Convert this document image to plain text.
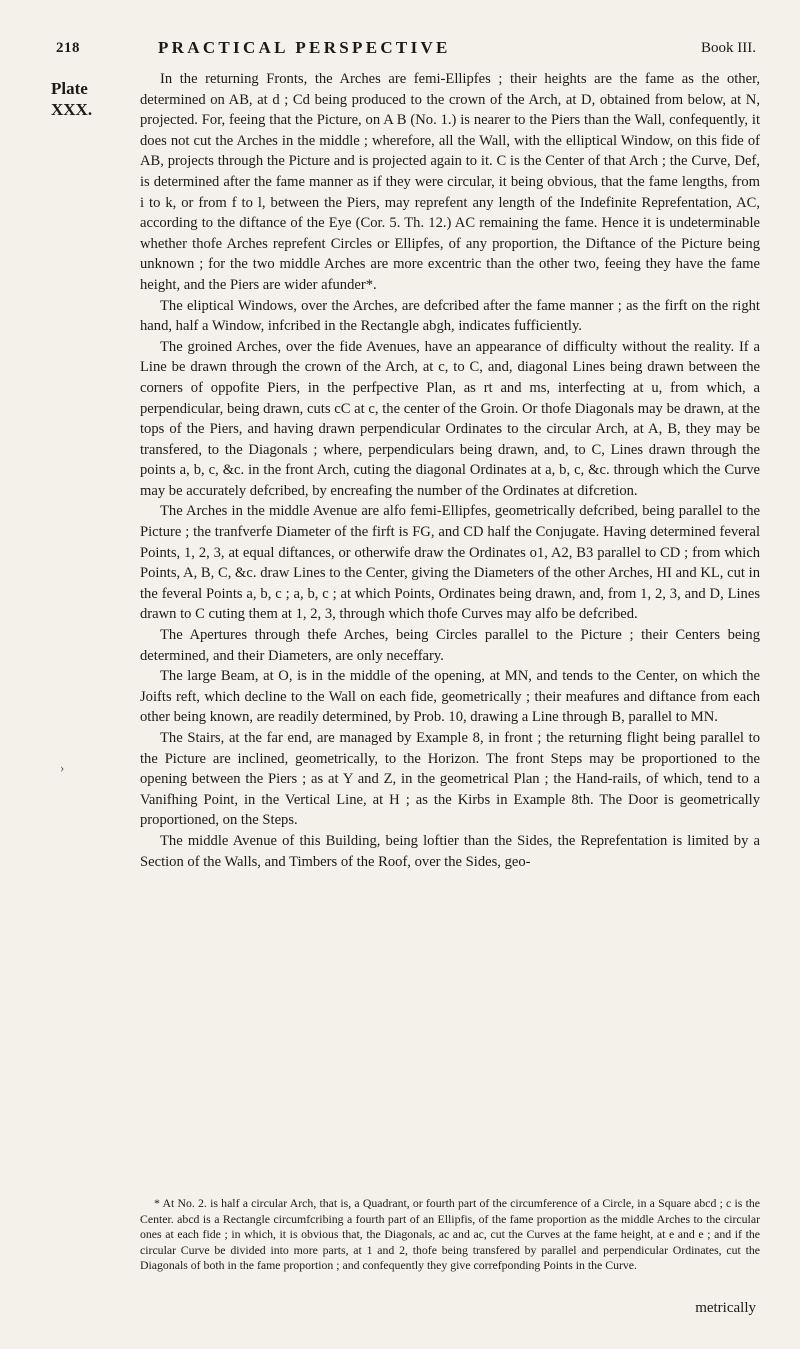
218	PRACTICAL PERSPECTIVE	Book III.
Plate
XXX.
›

In the returning Fronts, the Arches are femi-Ellipfes ; their heights are the fame as the other, determined on AB, at d ; Cd being produced to the crown of the Arch, at D, obtained from below, at N, projected. For, feeing that the Picture, on A B (No. 1.) is nearer to the Piers than the Wall, confequently, it does not cut the Arches in the middle ; wherefore, all the Wall, with the elliptical Window, on this fide of AB, projects through the Picture and is projected again to it. C is the Center of that Arch ; the Curve, Def, is determined after the fame manner as if they were circular, it being obvious, that the fame lengths, from i to k, or from f to l, between the Piers, may reprefent any length of the Indefinite Reprefentation, AC, according to the diftance of the Eye (Cor. 5. Th. 12.) AC remaining the fame. Hence it is undeterminable whether thofe Arches reprefent Circles or Ellipfes, of any proportion, the Diftance of the Picture being unknown ; for the two middle Arches are more excentric than the other two, feeing they have the fame height, and the Piers are wider afunder*.

The eliptical Windows, over the Arches, are defcribed after the fame manner ; as the firft on the right hand, half a Window, infcribed in the Rectangle abgh, indicates fufficiently.

The groined Arches, over the fide Avenues, have an appearance of difficulty without the reality. If a Line be drawn through the crown of the Arch, at c, to C, and, diagonal Lines being drawn between the corners of oppofite Piers, in the perfpective Plan, as rt and ms, interfecting at u, from which, a perpendicular, being drawn, cuts cC at c, the center of the Groin. Or thofe Diagonals may be drawn, at the tops of the Piers, and having drawn perpendicular Ordinates to the circular Arch, at A, B, they may be transfered, to the Diagonals ; where, perpendiculars being drawn, and, to C, Lines drawn through the points a, b, c, &c. in the front Arch, cuting the diagonal Ordinates at a, b, c, &c. through which the Curve may be accurately defcribed, by encreafing the number of the Ordinates at difcretion.

The Arches in the middle Avenue are alfo femi-Ellipfes, geometrically defcribed, being parallel to the Picture ; the tranfverfe Diameter of the firft is FG, and CD half the Conjugate. Having determined feveral Points, 1, 2, 3, at equal diftances, or otherwife draw the Ordinates o1, A2, B3 parallel to CD ; from which Points, A, B, C, &c. draw Lines to the Center, giving the Diameters of the other Arches, HI and KL, cut in the feveral Points a, b, c ; a, b, c ; at which Points, Ordinates being drawn, and, from 1, 2, 3, and D, Lines drawn to C cuting them at 1, 2, 3, through which thofe Curves may alfo be defcribed.

The Apertures through thefe Arches, being Circles parallel to the Picture ; their Centers being determined, and their Diameters, are only neceffary.

The large Beam, at O, is in the middle of the opening, at MN, and tends to the Center, on which the Joifts reft, which decline to the Wall on each fide, geometrically ; their meafures and diftance from each other being known, are readily determined, by Prob. 10, drawing a Line through B, parallel to MN.

The Stairs, at the far end, are managed by Example 8, in front ; the returning flight being parallel to the Picture are inclined, geometrically, to the Horizon. The front Steps may be proportioned to the opening between the Piers ; as at Y and Z, in the geometrical Plan ; the Hand-rails, of which, tend to a Vanifhing Point, in the Vertical Line, at H ; as the Kirbs in Example 8th. The Door is geometrically proportioned, on the Steps.

The middle Avenue of this Building, being loftier than the Sides, the Reprefentation is limited by a Section of the Walls, and Timbers of the Roof, over the Sides, geo-

* At No. 2. is half a circular Arch, that is, a Quadrant, or fourth part of the circumference of a Circle, in a Square abcd ; c is the Center. abcd is a Rectangle circumfcribing a fourth part of an Ellipfis, of the fame proportion as the middle Arches to the circular ones at each fide ; in which, it is obvious that, the Diagonals, ac and ac, cut the Curves at the fame height, at e and e ; and if the circular Curve be divided into more parts, at 1 and 2, thofe being transfered by parallel and perpendicular Ordinates, cut the Diagonals of both in the fame proportion ; and confequently they give correfponding Points in the Curve.

metrically
